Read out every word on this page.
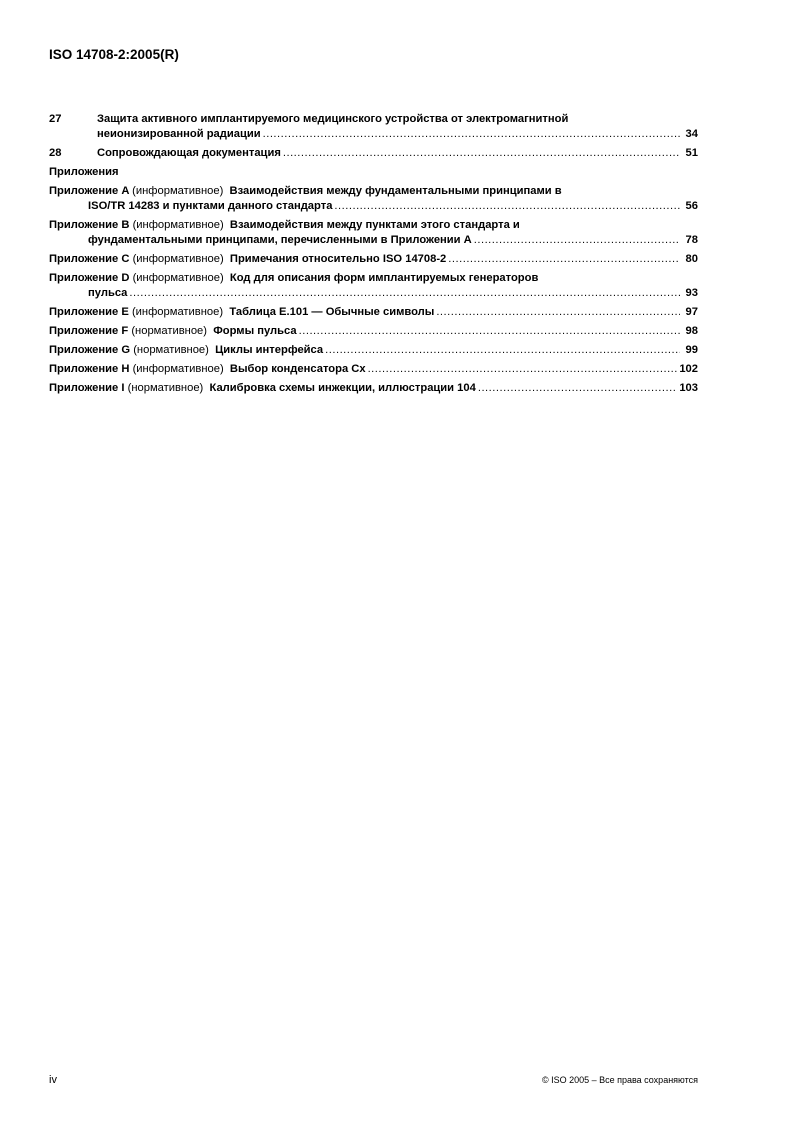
ISO 14708-2:2005(R)
27	Защита активного имплантируемого медицинского устройства от электромагнитной
неионизированной радиации .....	34
28	Сопровождающая документация .....	51
Приложения
Приложение A (информативное) Взаимодействия между фундаментальными принципами в
ISO/TR 14283 и пунктами данного стандарта .....	56
Приложение B (информативное) Взаимодействия между пунктами этого стандарта и
фундаментальными принципами, перечисленными в Приложении A .....	78
Приложение C (информативное) Примечания относительно ISO 14708-2 .....	80
Приложение D (информативное) Код для описания форм имплантируемых генераторов
пульса .....	93
Приложение E (информативное) Таблица E.101 — Обычные символы .....	97
Приложение F (нормативное) Формы пульса .....	98
Приложение G (нормативное) Циклы интерфейса .....	99
Приложение H (информативное) Выбор конденсатора Cx .....	102
Приложение I (нормативное) Калибровка схемы инжекции, иллюстрации 104 .....	103
iv	© ISO 2005 – Все права сохраняются
